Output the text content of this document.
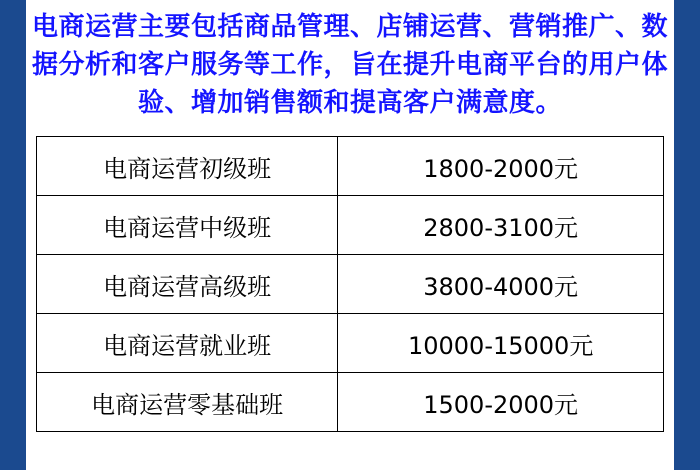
电商运营主要包括商品管理、店铺运营、营销推广、数据分析和客户服务等工作，旨在提升电商平台的用户体验、增加销售额和提高客户满意度。
电商运营初级班	1800-2000元
电商运营中级班	2800-3100元
电商运营高级班	3800-4000元
电商运营就业班	10000-15000元
电商运营零基础班	1500-2000元
